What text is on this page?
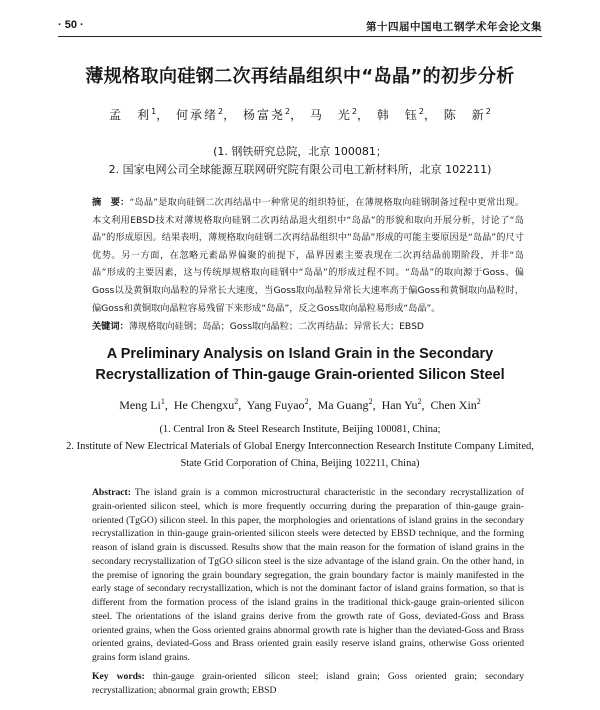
· 50 ·	第十四届中国电工钢学术年会论文集
薄规格取向硅钢二次再结晶组织中“岛晶”的初步分析
孟　利$^1$， 何承绪$^2$， 杨富尧$^2$， 马　光$^2$， 韩　钰$^2$， 陈　新$^2$
(1. 钢铁研究总院，北京 100081；
2. 国家电网公司全球能源互联网研究院有限公司电工新材料所，北京 102211)
摘　要：“岛晶”是取向硅钢二次再结晶中一种常见的组织特征，在薄规格取向硅钢制备过程中更常出现。本文利用EBSD技术对薄规格取向硅钢二次再结晶退火组织中“岛晶”的形貌和取向开展分析，讨论了“岛晶”的形成原因。结果表明，薄规格取向硅钢二次再结晶组织中“岛晶”形成的可能主要原因是“岛晶”的尺寸优势。另一方面，在忽略元素晶界偏聚的前提下，晶界因素主要表现在二次再结晶前期阶段，并非“岛晶”形成的主要因素，这与传统厚规格取向硅钢中“岛晶”的形成过程不同。“岛晶”的取向源于Goss、偏Goss以及黄铜取向晶粒的异常长大速度，当Goss取向晶粒异常长大速率高于偏Goss和黄铜取向晶粒时，偏Goss和黄铜取向晶粒容易残留下来形成“岛晶”，反之Goss取向晶粒易形成“岛晶”。
关键词：薄规格取向硅钢；岛晶；Goss取向晶粒；二次再结晶；异常长大；EBSD
A Preliminary Analysis on Island Grain in the Secondary
Recrystallization of Thin-gauge Grain-oriented Silicon Steel
Meng Li$^1$,  He Chengxu$^2$,  Yang Fuyao$^2$,  Ma Guang$^2$,  Han Yu$^2$,  Chen Xin$^2$
(1. Central Iron & Steel Research Institute, Beijing 100081, China;
2. Institute of New Electrical Materials of Global Energy Interconnection Research Institute Company Limited,
State Grid Corporation of China, Beijing 102211, China)
Abstract: The island grain is a common microstructural characteristic in the secondary recrystallization of grain-oriented silicon steel, which is more frequently occurring during the preparation of thin-gauge grain-oriented (TgGO) silicon steel. In this paper, the morphologies and orientations of island grains in the secondary recrystallization in thin-gauge grain-oriented silicon steels were detected by EBSD technique, and the forming reason of island grain is discussed. Results show that the main reason for the formation of island grains in the secondary recrystallization of TgGO silicon steel is the size advantage of the island grain. On the other hand, in the premise of ignoring the grain boundary segregation, the grain boundary factor is mainly manifested in the early stage of secondary recrystallization, which is not the dominant factor of island grains formation, so that is different from the formation process of the island grains in the traditional thick-gauge grain-oriented silicon steel. The orientations of the island grains derive from the growth rate of Goss, deviated-Goss and Brass oriented grains, when the Goss oriented grains abnormal growth rate is higher than the deviated-Goss and Brass oriented grains, deviated-Goss and Brass oriented grain easily reserve island grains, otherwise Goss oriented grains form island grains.
Key words: thin-gauge grain-oriented silicon steel; island grain; Goss oriented grain; secondary recrystallization; abnormal grain growth; EBSD
